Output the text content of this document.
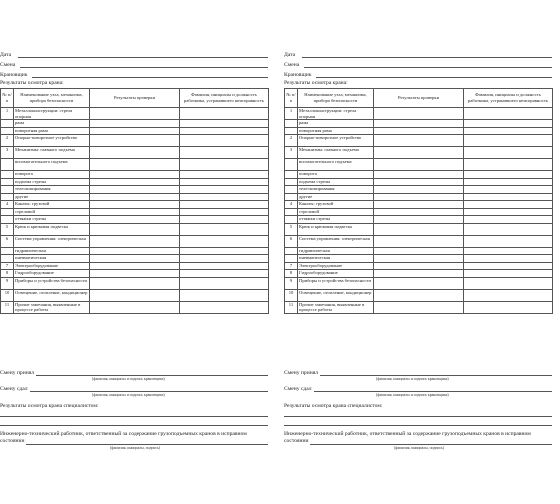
Дата
Смена
Крановщик
Результаты осмотра крана:
№ п/п	Наименование узла, механизма, прибора безопасности	Результаты проверки	Фамилия, инициалы и должность работника, устранившего неисправность
1	Металлоконструкции: стрела опорная		
	рама		
	поворотная рама		
2	Опорно-поворотное устройство		
3	Механизмы: главного подъема		
	вспомогательного подъема		
	поворота		
	подъема стрелы		
	телескопирования		
	другие		
4	Канаты: грузовой		
	стреловой		
	оттяжки стрелы		
5	Крюк и крюковая подвеска		
6	Система управления: электрическая		
	гидравлическая		
	пневматическая		
7	Электрооборудование		
8	Гидрооборудование		
9	Приборы и устройства безопасности		
10	Освещение, отопление, кондиционер		
11	Прочие замечания, выявленные в процессе работы		
Смену принял
(фамилия, инициалы и подпись крановщика)
Смену сдал
(фамилия, инициалы и подпись крановщика)
Результаты осмотра крана специалистом:
Инженерно-технический работник, ответственный за содержание грузоподъемных кранов в исправном состоянии
(фамилия, инициалы, подпись)
Дата
Смена
Крановщик
Результаты осмотра крана:
№ п/п	Наименование узла, механизма, прибора безопасности	Результаты проверки	Фамилия, инициалы и должность работника, устранившего неисправность
1	Металлоконструкции: стрела опорная		
	рама		
	поворотная рама		
2	Опорно-поворотное устройство		
3	Механизмы: главного подъема		
	вспомогательного подъема		
	поворота		
	подъема стрелы		
	телескопирования		
	другие		
4	Канаты: грузовой		
	стреловой		
	оттяжки стрелы		
5	Крюк и крюковая подвеска		
6	Система управления: электрическая		
	гидравлическая		
	пневматическая		
7	Электрооборудование		
8	Гидрооборудование		
9	Приборы и устройства безопасности		
10	Освещение, отопление, кондиционер		
11	Прочие замечания, выявленные в процессе работы		
Смену принял
(фамилия, инициалы и подпись крановщика)
Смену сдал
(фамилия, инициалы и подпись крановщика)
Результаты осмотра крана специалистом:
Инженерно-технический работник, ответственный за содержание грузоподъемных кранов в исправном состоянии
(фамилия, инициалы, подпись)
